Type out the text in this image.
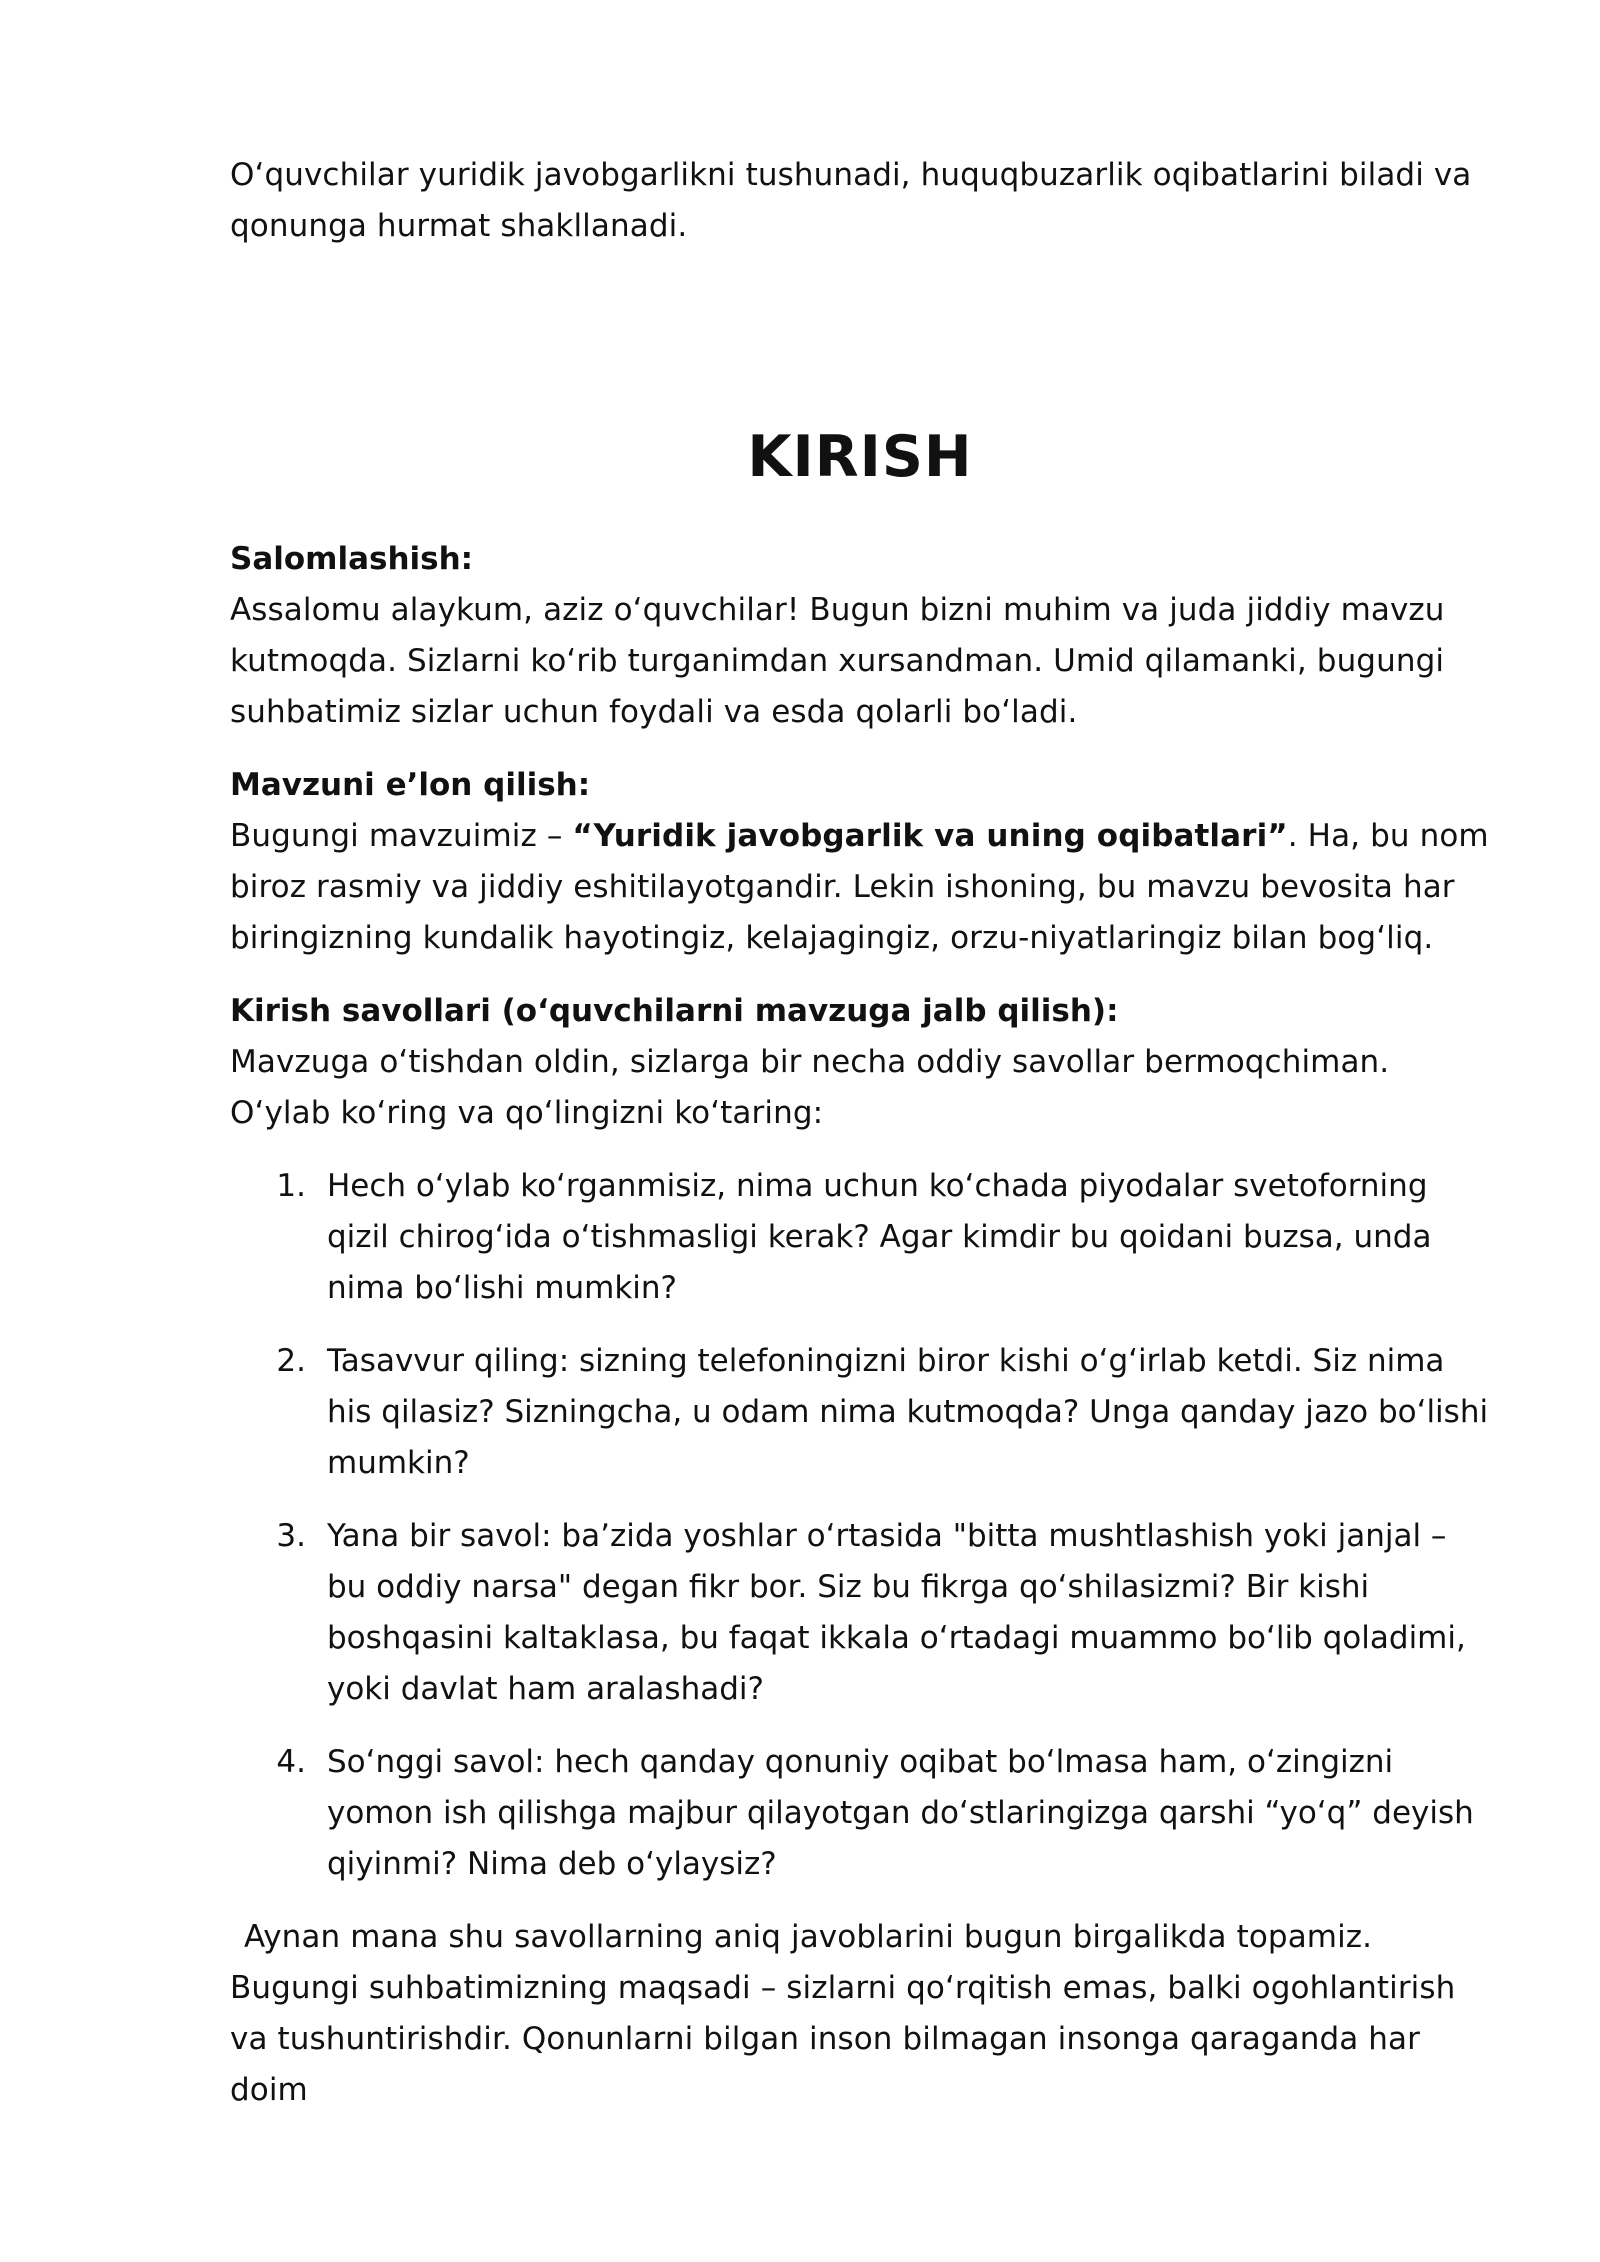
O‘quvchilar yuridik javobgarlikni tushunadi, huquqbuzarlik oqibatlarini biladi va qonunga hurmat shakllanadi.

KIRISH

Salomlashish:

Assalomu alaykum, aziz o‘quvchilar! Bugun bizni muhim va juda jiddiy mavzu kutmoqda. Sizlarni ko‘rib turganimdan xursandman. Umid qilamanki, bugungi suhbatimiz sizlar uchun foydali va esda qolarli bo‘ladi.

Mavzuni e’lon qilish:

Bugungi mavzuimiz – “Yuridik javobgarlik va uning oqibatlari”. Ha, bu nom biroz rasmiy va jiddiy eshitilayotgandir. Lekin ishoning, bu mavzu bevosita har biringizning kundalik hayotingiz, kelajagingiz, orzu-niyatlaringiz bilan bog‘liq.

Kirish savollari (o‘quvchilarni mavzuga jalb qilish):

Mavzuga o‘tishdan oldin, sizlarga bir necha oddiy savollar bermoqchiman. O‘ylab ko‘ring va qo‘lingizni ko‘taring:

1. Hech o‘ylab ko‘rganmisiz, nima uchun ko‘chada piyodalar svetoforning qizil chirog‘ida o‘tishmasligi kerak? Agar kimdir bu qoidani buzsa, unda nima bo‘lishi mumkin?
2. Tasavvur qiling: sizning telefoningizni biror kishi o‘g‘irlab ketdi. Siz nima his qilasiz? Sizningcha, u odam nima kutmoqda? Unga qanday jazo bo‘lishi mumkin?
3. Yana bir savol: ba’zida yoshlar o‘rtasida "bitta mushtlashish yoki janjal – bu oddiy narsa" degan fikr bor. Siz bu fikrga qo‘shilasizmi? Bir kishi boshqasini kaltaklasa, bu faqat ikkala o‘rtadagi muammo bo‘lib qoladimi, yoki davlat ham aralashadi?
4. So‘nggi savol: hech qanday qonuniy oqibat bo‘lmasa ham, o‘zingizni yomon ish qilishga majbur qilayotgan do‘stlaringizga qarshi “yo‘q” deyish qiyinmi? Nima deb o‘ylaysiz?

Aynan mana shu savollarning aniq javoblarini bugun birgalikda topamiz. Bugungi suhbatimizning maqsadi – sizlarni qo‘rqitish emas, balki ogohlantirish va tushuntirishdir. Qonunlarni bilgan inson bilmagan insonga qaraganda har doim
